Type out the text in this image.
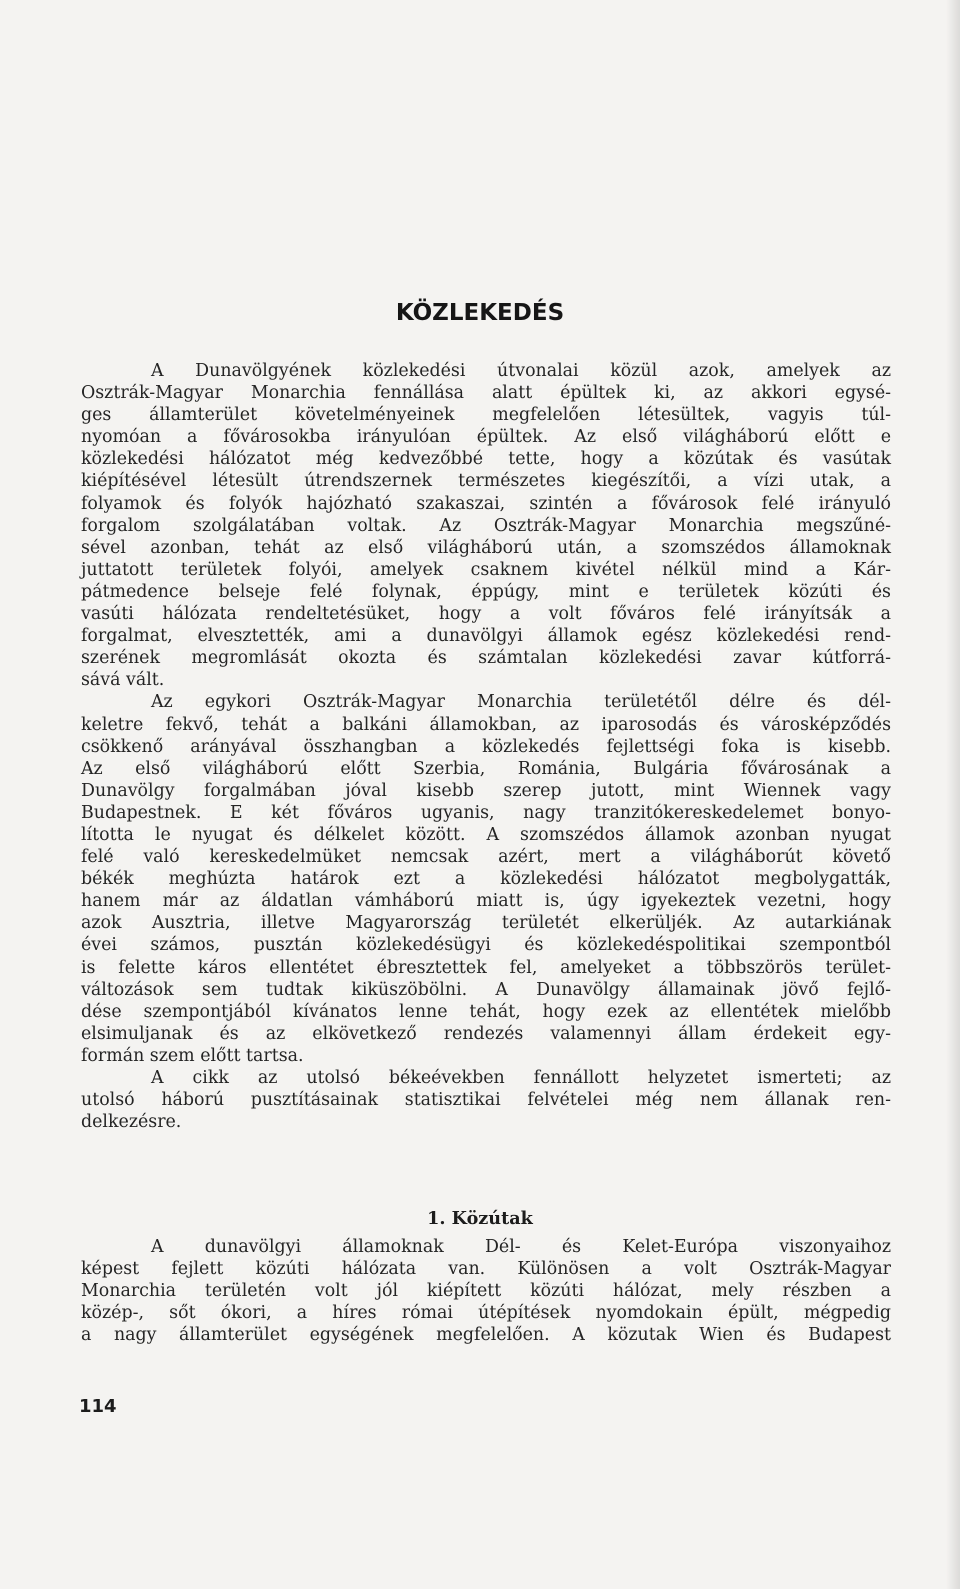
KÖZLEKEDÉS
A Dunavölgyének közlekedési útvonalai közül azok, amelyek az
Osztrák-Magyar Monarchia fennállása alatt épültek ki, az akkori egysé-
ges államterület követelményeinek megfelelően létesültek, vagyis túl-
nyomóan a fővárosokba irányulóan épültek. Az első világháború előtt e
közlekedési hálózatot még kedvezőbbé tette, hogy a közútak és vasútak
kiépítésével létesült útrendszernek természetes kiegészítői, a vízi utak, a
folyamok és folyók hajózható szakaszai, szintén a fővárosok felé irányuló
forgalom szolgálatában voltak. Az Osztrák-Magyar Monarchia megszűné-
sével azonban, tehát az első világháború után, a szomszédos államoknak
juttatott területek folyói, amelyek csaknem kivétel nélkül mind a Kár-
pátmedence belseje felé folynak, éppúgy, mint e területek közúti és
vasúti hálózata rendeltetésüket, hogy a volt főváros felé irányítsák a
forgalmat, elvesztették, ami a dunavölgyi államok egész közlekedési rend-
szerének megromlását okozta és számtalan közlekedési zavar kútforrá-
sává vált.
Az egykori Osztrák-Magyar Monarchia területétől délre és dél-
keletre fekvő, tehát a balkáni államokban, az iparosodás és városképződés
csökkenő arányával összhangban a közlekedés fejlettségi foka is kisebb.
Az első világháború előtt Szerbia, Románia, Bulgária fővárosának a
Dunavölgy forgalmában jóval kisebb szerep jutott, mint Wiennek vagy
Budapestnek. E két főváros ugyanis, nagy tranzitókereskedelemet bonyo-
lította le nyugat és délkelet között. A szomszédos államok azonban nyugat
felé való kereskedelmüket nemcsak azért, mert a világháborút követő
békék meghúzta határok ezt a közlekedési hálózatot megbolygatták,
hanem már az áldatlan vámháború miatt is, úgy igyekeztek vezetni, hogy
azok Ausztria, illetve Magyarország területét elkerüljék. Az autarkiának
évei számos, pusztán közlekedésügyi és közlekedéspolitikai szempontból
is felette káros ellentétet ébresztettek fel, amelyeket a többszörös terület-
változások sem tudtak kiküszöbölni. A Dunavölgy államainak jövő fejlő-
dése szempontjából kívánatos lenne tehát, hogy ezek az ellentétek mielőbb
elsimuljanak és az elkövetkező rendezés valamennyi állam érdekeit egy-
formán szem előtt tartsa.
A cikk az utolsó békeévekben fennállott helyzetet ismerteti; az
utolsó háború pusztításainak statisztikai felvételei még nem állanak ren-
delkezésre.
1. Közútak
A dunavölgyi államoknak Dél- és Kelet-Európa viszonyaihoz
képest fejlett közúti hálózata van. Különösen a volt Osztrák-Magyar
Monarchia területén volt jól kiépített közúti hálózat, mely részben a
közép-, sőt ókori, a híres római útépítések nyomdokain épült, mégpedig
a nagy államterület egységének megfelelően. A közutak Wien és Budapest
114
